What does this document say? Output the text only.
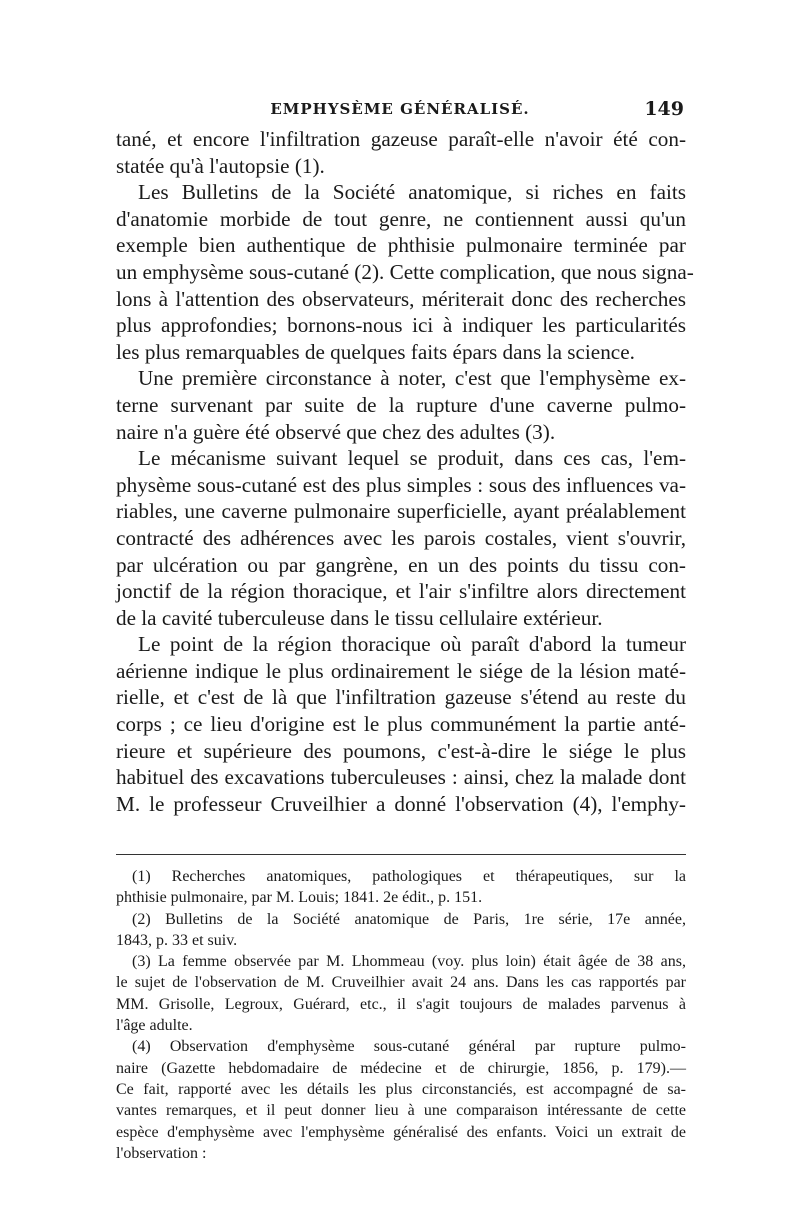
EMPHYSÈME GÉNÉRALISÉ.	149
tané, et encore l'infiltration gazeuse paraît-elle n'avoir été con-
statée qu'à l'autopsie (1).
Les Bulletins de la Société anatomique, si riches en faits
d'anatomie morbide de tout genre, ne contiennent aussi qu'un
exemple bien authentique de phthisie pulmonaire terminée par
un emphysème sous-cutané (2). Cette complication, que nous signa-
lons à l'attention des observateurs, mériterait donc des recherches
plus approfondies; bornons-nous ici à indiquer les particularités
les plus remarquables de quelques faits épars dans la science.
Une première circonstance à noter, c'est que l'emphysème ex-
terne survenant par suite de la rupture d'une caverne pulmo-
naire n'a guère été observé que chez des adultes (3).
Le mécanisme suivant lequel se produit, dans ces cas, l'em-
physème sous-cutané est des plus simples : sous des influences va-
riables, une caverne pulmonaire superficielle, ayant préalablement
contracté des adhérences avec les parois costales, vient s'ouvrir,
par ulcération ou par gangrène, en un des points du tissu con-
jonctif de la région thoracique, et l'air s'infiltre alors directement
de la cavité tuberculeuse dans le tissu cellulaire extérieur.
Le point de la région thoracique où paraît d'abord la tumeur
aérienne indique le plus ordinairement le siége de la lésion maté-
rielle, et c'est de là que l'infiltration gazeuse s'étend au reste du
corps ; ce lieu d'origine est le plus communément la partie anté-
rieure et supérieure des poumons, c'est-à-dire le siége le plus
habituel des excavations tuberculeuses : ainsi, chez la malade dont
M. le professeur Cruveilhier a donné l'observation (4), l'emphy-
(1) Recherches anatomiques, pathologiques et thérapeutiques, sur la
phthisie pulmonaire, par M. Louis; 1841. 2e édit., p. 151.
(2) Bulletins de la Société anatomique de Paris, 1re série, 17e année,
1843, p. 33 et suiv.
(3) La femme observée par M. Lhommeau (voy. plus loin) était âgée de 38 ans,
le sujet de l'observation de M. Cruveilhier avait 24 ans. Dans les cas rapportés par
MM. Grisolle, Legroux, Guérard, etc., il s'agit toujours de malades parvenus à
l'âge adulte.
(4) Observation d'emphysème sous-cutané général par rupture pulmo-
naire (Gazette hebdomadaire de médecine et de chirurgie, 1856, p. 179).—
Ce fait, rapporté avec les détails les plus circonstanciés, est accompagné de sa-
vantes remarques, et il peut donner lieu à une comparaison intéressante de cette
espèce d'emphysème avec l'emphysème généralisé des enfants. Voici un extrait de
l'observation :
